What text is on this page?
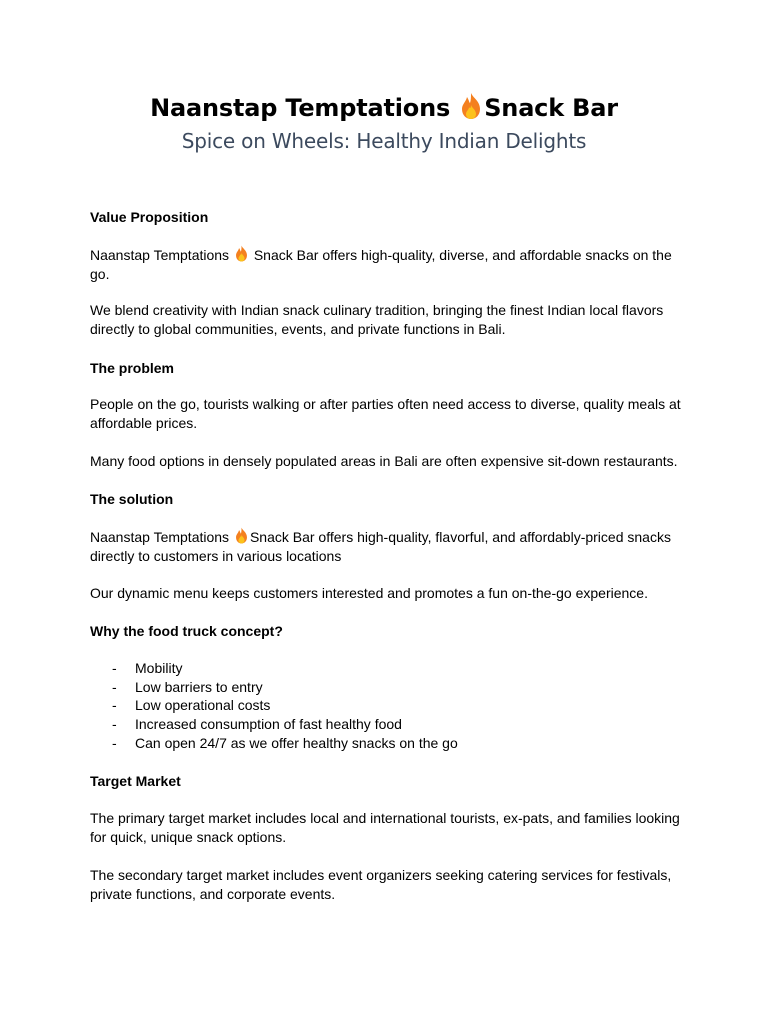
Naanstap Temptations Snack Bar

Spice on Wheels: Healthy Indian Delights

Value Proposition

Naanstap Temptations Snack Bar offers high-quality, diverse, and affordable snacks on the go.

We blend creativity with Indian snack culinary tradition, bringing the finest Indian local flavors directly to global communities, events, and private functions in Bali.

The problem

People on the go, tourists walking or after parties often need access to diverse, quality meals at affordable prices.

Many food options in densely populated areas in Bali are often expensive sit-down restaurants.

The solution

Naanstap Temptations Snack Bar offers high-quality, flavorful, and affordably-priced snacks directly to customers in various locations

Our dynamic menu keeps customers interested and promotes a fun on-the-go experience.

Why the food truck concept?

- Mobility
- Low barriers to entry
- Low operational costs
- Increased consumption of fast healthy food
- Can open 24/7 as we offer healthy snacks on the go

Target Market

The primary target market includes local and international tourists, ex-pats, and families looking for quick, unique snack options.

The secondary target market includes event organizers seeking catering services for festivals, private functions, and corporate events.
